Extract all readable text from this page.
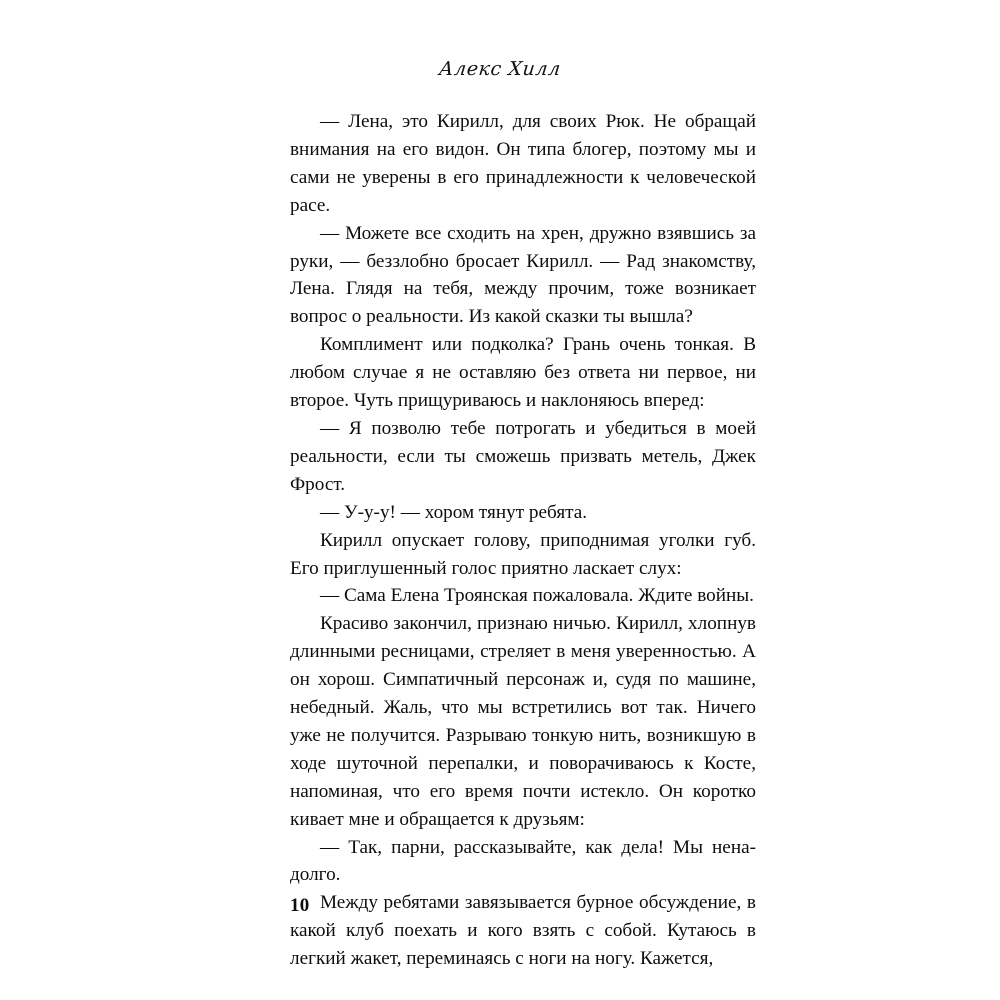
Алекс Хилл

— Лена, это Кирилл, для своих Рюк. Не обращай внимания на его видон. Он типа блогер, поэтому мы и сами не уверены в его принадлежности к человеческой расе.

— Можете все сходить на хрен, дружно взявшись за руки, — беззлобно бросает Кирилл. — Рад знакомству, Лена. Глядя на тебя, между прочим, тоже возникает вопрос о реальности. Из какой сказки ты вышла?

Комплимент или подколка? Грань очень тонкая. В любом случае я не оставляю без ответа ни первое, ни второе. Чуть прищуриваюсь и наклоняюсь вперед:

— Я позволю тебе потрогать и убедиться в моей реальности, если ты сможешь призвать метель, Джек Фрост.

— У-у-у! — хором тянут ребята.

Кирилл опускает голову, приподнимая уголки губ. Его приглушенный голос приятно ласкает слух:

— Сама Елена Троянская пожаловала. Ждите войны.

Красиво закончил, признаю ничью. Кирилл, хлопнув длинными ресницами, стреляет в меня уверенностью. А он хорош. Симпатичный персонаж и, судя по машине, небедный. Жаль, что мы встретились вот так. Ничего уже не получится. Разрываю тонкую нить, возникшую в ходе шуточной перепалки, и поворачиваюсь к Косте, напоминая, что его время почти истекло. Он коротко кивает мне и обращается к друзьям:

— Так, парни, рассказывайте, как дела! Мы ненадолго.

Между ребятами завязывается бурное обсуждение, в какой клуб поехать и кого взять с собой. Кутаюсь в легкий жакет, переминаясь с ноги на ногу. Кажется,

10
